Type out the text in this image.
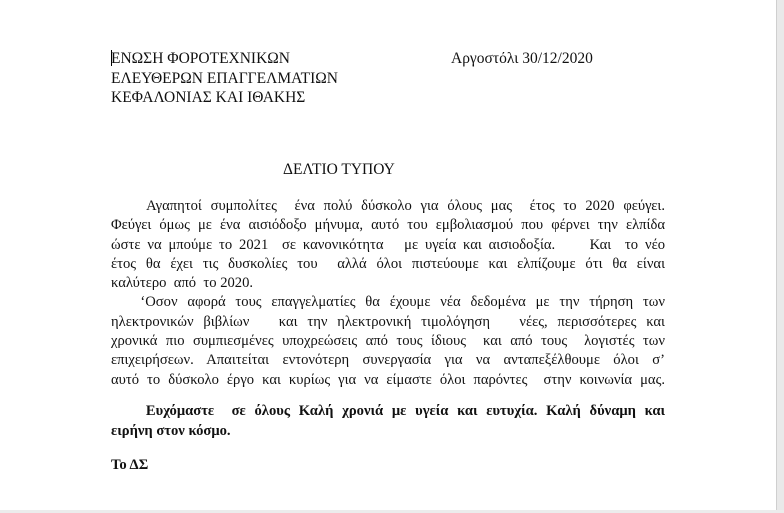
ΕΝΩΣΗ ΦΟΡΟΤΕΧΝΙΚΩΝ
ΕΛΕΥΘΕΡΩΝ ΕΠΑΓΓΕΛΜΑΤΙΩΝ
ΚΕΦΑΛΟΝΙΑΣ ΚΑΙ ΙΘΑΚΗΣ
Αργοστόλι 30/12/2020
ΔΕΛΤΙΟ ΤΥΠΟΥ
Αγαπητοί συμπολίτες  ένα πολύ δύσκολο για όλους μας  έτος το 2020 φεύγει.
Φεύγει όμως με ένα αισιόδοξο μήνυμα, αυτό του εμβολιασμού που φέρνει την ελπίδα
ώστε να μπούμε το 2021  σε κανονικότητα   με υγεία και αισιοδοξία.     Και  το νέο
έτος θα έχει τις δυσκολίες του  αλλά όλοι πιστεύουμε και ελπίζουμε ότι θα είναι
καλύτερο  από  το 2020.
‘Οσον αφορά τους επαγγελματίες θα έχουμε νέα δεδομένα με την τήρηση των
ηλεκτρονικών βιβλίων   και την ηλεκτρονική τιμολόγηση   νέες, περισσότερες και
χρονικά πιο συμπιεσμένες υποχρεώσεις από τους ίδιους  και από τους  λογιστές των
επιχειρήσεων. Απαιτείται εντονότερη συνεργασία για να ανταπεξέλθουμε όλοι σ’
αυτό το δύσκολο έργο και κυρίως για να είμαστε όλοι παρόντες  στην κοινωνία μας.
Ευχόμαστε  σε όλους Καλή χρονιά με υγεία και ευτυχία. Καλή δύναμη και
ειρήνη στον κόσμο.
Το ΔΣ
